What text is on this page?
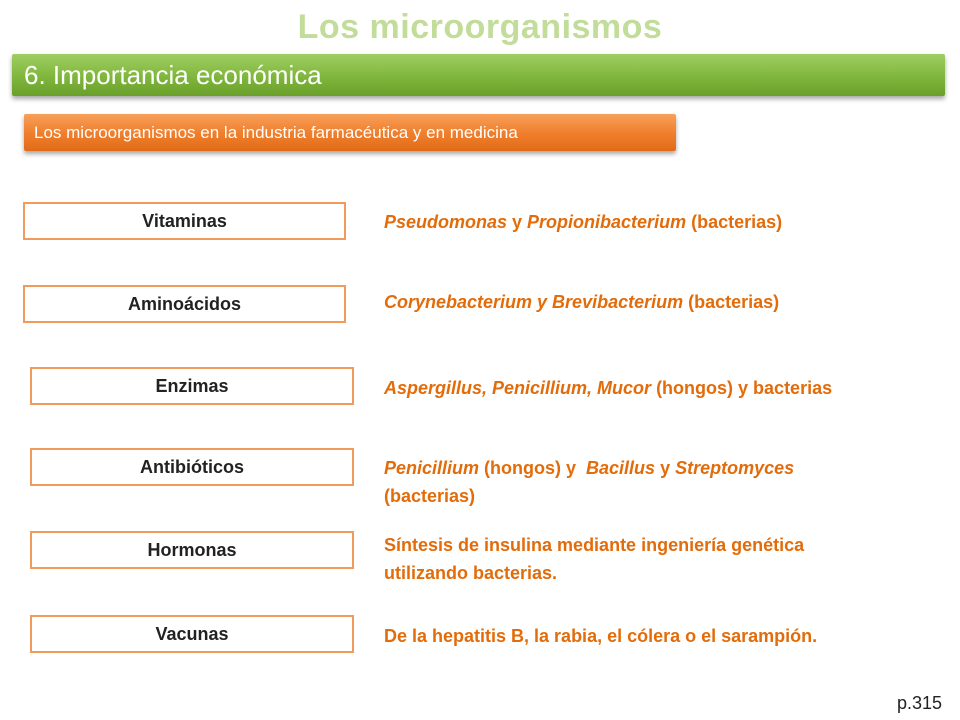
Los microorganismos
6. Importancia económica
Los microorganismos en la industria farmacéutica y en medicina
Vitaminas	Pseudomonas y Propionibacterium (bacterias)
Aminoácidos	Corynebacterium y Brevibacterium (bacterias)
Enzimas	Aspergillus, Penicillium, Mucor (hongos) y bacterias
Antibióticos	Penicillium (hongos) y  Bacillus y Streptomyces (bacterias)
Hormonas	Síntesis de insulina mediante ingeniería genética utilizando bacterias.
Vacunas	De la hepatitis B, la rabia, el cólera o el sarampión.
p.315
